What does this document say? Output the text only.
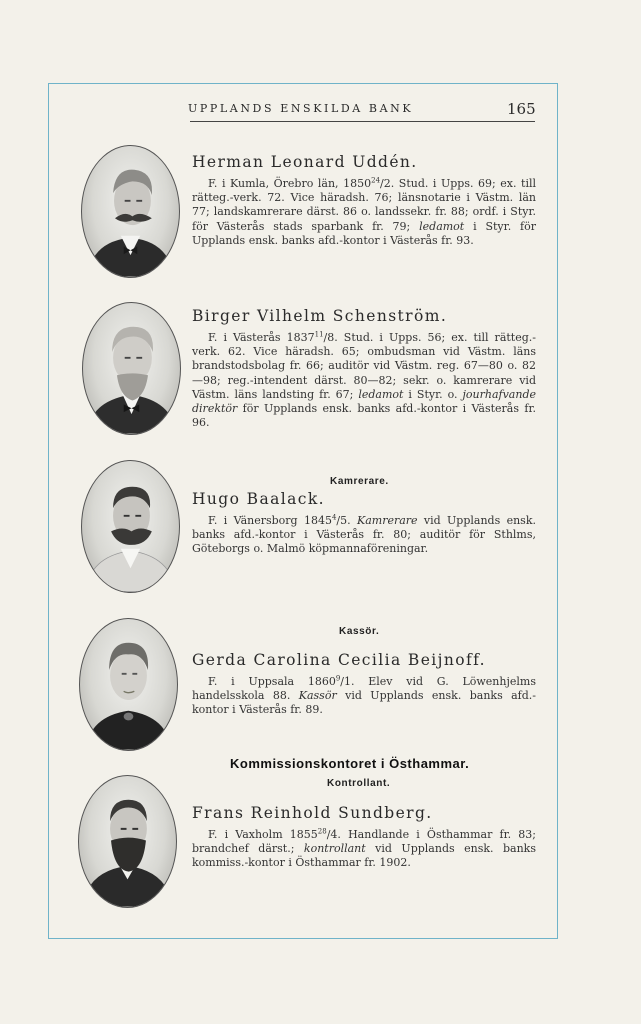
UPPLANDS ENSKILDA BANK	165
Herman Leonard Uddén.

F. i Kumla, Örebro län, 1850$^{24}$/2. Stud. i Upps. 69; ex. till rätteg.-verk. 72. Vice häradsh. 76; länsnotarie i Västm. län 77; landskamrerare därst. 86 o. landssekr. fr. 88; ordf. i Styr. för Västerås stads sparbank fr. 79; ledamot i Styr. för Upplands ensk. banks afd.-kontor i Västerås fr. 93.

Birger Vilhelm Schenström.

F. i Västerås 1837$^{11}$/8. Stud. i Upps. 56; ex. till rätteg.-verk. 62. Vice häradsh. 65; ombudsman vid Västm. läns brandstodsbolag fr. 66; auditör vid Västm. reg. 67—80 o. 82—98; reg.-intendent därst. 80—82; sekr. o. kamrerare vid Västm. läns landsting fr. 67; ledamot i Styr. o. jourhafvande direktör för Upplands ensk. banks afd.-kontor i Västerås fr. 96.

Kamrerare.
Hugo Baalack.

F. i Vänersborg 1845$^4$/5. Kamrerare vid Upplands ensk. banks afd.-kontor i Västerås fr. 80; auditör för Sthlms, Göteborgs o. Malmö köpmannaföreningar.

Kassör.
Gerda Carolina Cecilia Beijnoff.

F. i Uppsala 1860$^9$/1. Elev vid G. Löwenhjelms handelsskola 88. Kassör vid Upplands ensk. banks afd.-kontor i Västerås fr. 89.

Kommissionskontoret i Östhammar.
Kontrollant.
Frans Reinhold Sundberg.

F. i Vaxholm 1855$^{28}$/4. Handlande i Östhammar fr. 83; brandchef därst.; kontrollant vid Upplands ensk. banks kommiss.-kontor i Östhammar fr. 1902.
